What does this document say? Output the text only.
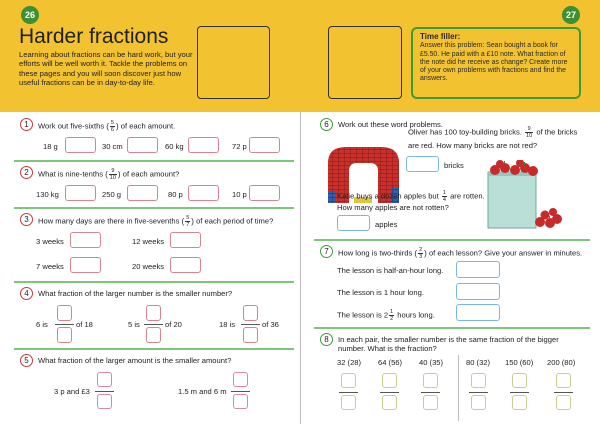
26	27
Harder fractions
Learning about fractions can be hard work, but your efforts will be well worth it. Tackle the problems on these pages and you will soon discover just how useful fractions can be in day-to-day life.
Time filler:
Answer this problem: Sean bought a book for £5.50. He paid with a £10 note. What fraction of the note did he receive as change? Create more of your own problems with fractions and find the answers.
1	Work out five-sixths ( $\frac{5}{6}$ ) of each amount.
18 g	30 cm	60 kg	72 p
2	What is nine-tenths ( $\frac{9}{10}$ ) of each amount?
130 kg	250 g	80 p	10 p
3	How many days are there in five-sevenths ( $\frac{5}{7}$ ) of each period of time?
3 weeks	12 weeks
7 weeks	20 weeks
4	What fraction of the larger number is the smaller number?
6 is	of 18	5 is	of 20	18 is	of 36
5	What fraction of the larger amount is the smaller amount?
3 p and £3	1.5 m and 6 m
6	Work out these word problems.
Oliver has 100 toy-building bricks. $\frac{9}{10}$ of the bricks
are red. How many bricks are not red?
bricks
Katie buys a dozen apples but $\frac{1}{4}$ are rotten.
How many apples are not rotten?
apples
7	How long is two-thirds ( $\frac{2}{3}$ ) of each lesson? Give your answer in minutes.
The lesson is half-an-hour long.
The lesson is 1 hour long.
The lesson is $2 \frac{1}{2}$ hours long.
8	In each pair, the smaller number is the same fraction of the bigger
number. What is the fraction?
32 (28) 64 (56) 40 (35)	80 (32) 150 (60) 200 (80)
